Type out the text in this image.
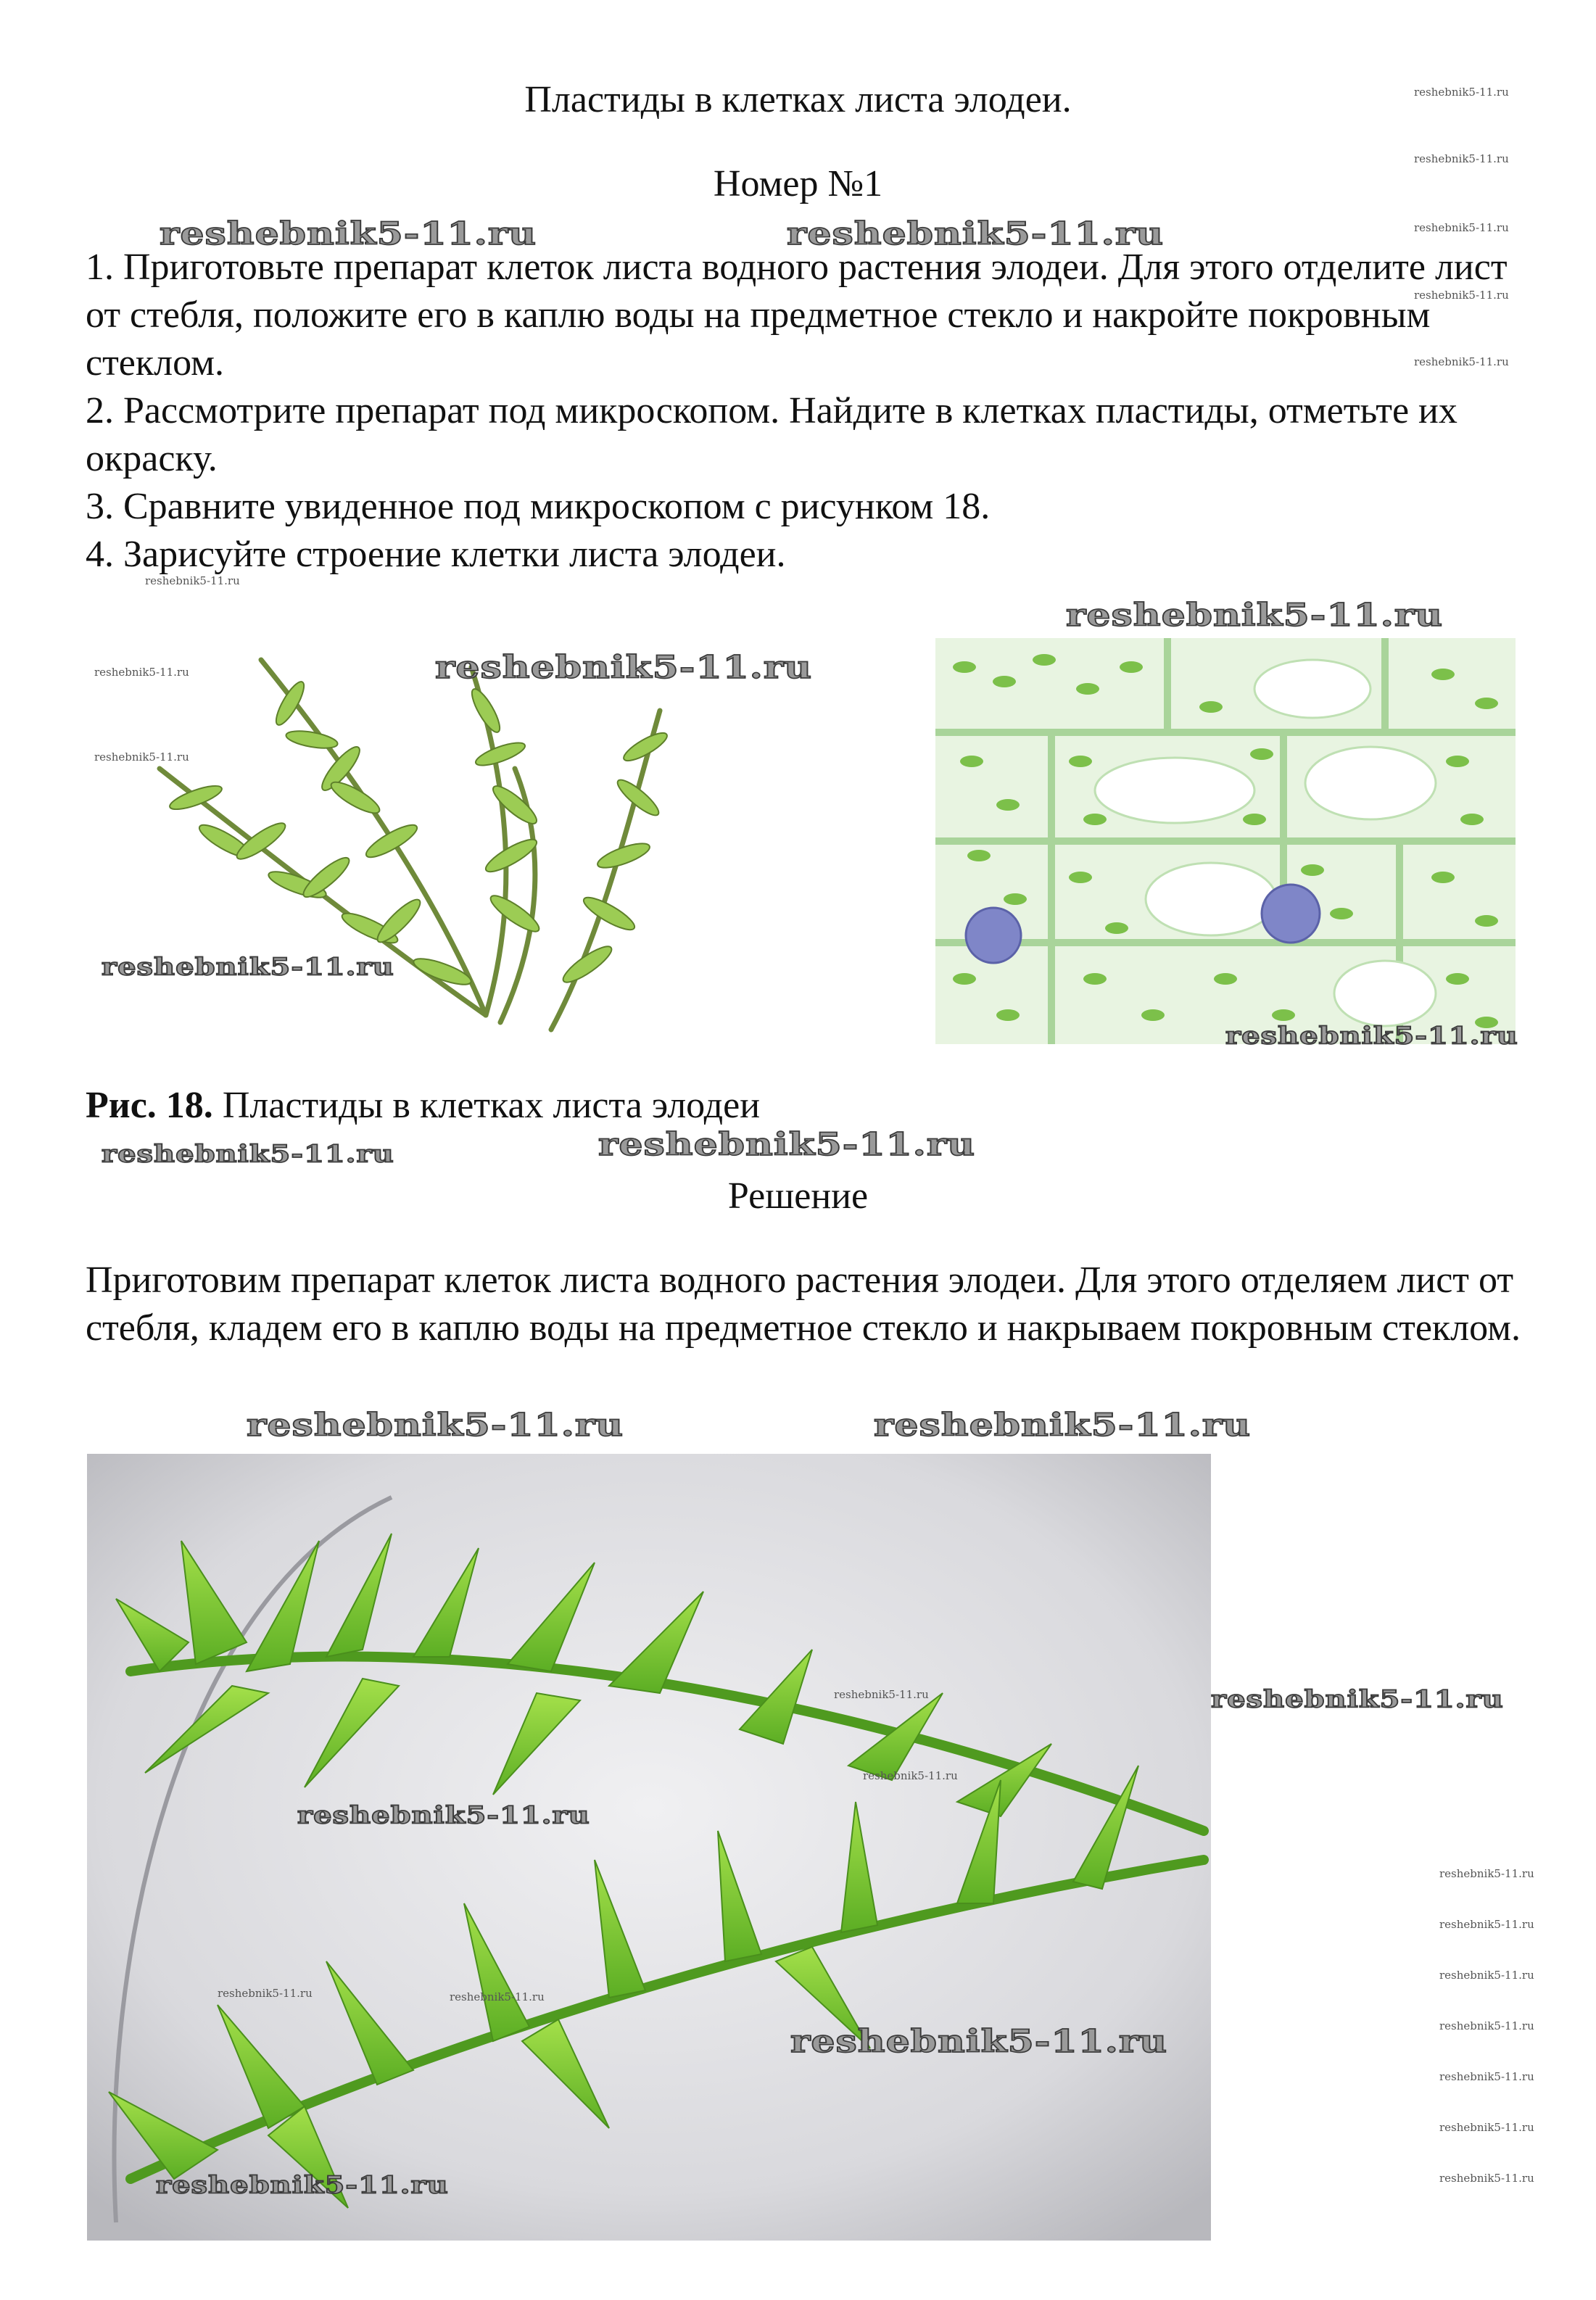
Пластиды в клетках листа элодеи.
Номер №1

1. Приготовьте препарат клеток листа водного растения элодеи. Для этого отделите лист от стебля, положите его в каплю воды на предметное стекло и накройте покровным стеклом.

2. Рассмотрите препарат под микроскопом. Найдите в клетках пластиды, отметьте их окраску.

3. Сравните увиденное под микроскопом с рисунком 18.

4. Зарисуйте строение клетки листа элодеи.

Рис. 18. Пластиды в клетках листа элодеи
Решение

Приготовим препарат клеток листа водного растения элодеи. Для этого отделяем лист от стебля, кладем его в каплю воды на предметное стекло и накрываем покровным стеклом.

reshebnik5-11.ru	reshebnik5-11.ru
reshebnik5-11.ru
reshebnik5-11.ru
reshebnik5-11.ru
reshebnik5-11.ru
reshebnik5-11.ru	reshebnik5-11.ru
reshebnik5-11.ru	reshebnik5-11.ru
reshebnik5-11.ru
reshebnik5-11.ru
reshebnik5-11.ru
reshebnik5-11.ru
reshebnik5-11.ru
reshebnik5-11.ru
reshebnik5-11.ru
reshebnik5-11.ru
reshebnik5-11.ru
reshebnik5-11.ru
reshebnik5-11.ru
reshebnik5-11.ru
reshebnik5-11.ru
reshebnik5-11.ru
reshebnik5-11.ru	reshebnik5-11.ru
reshebnik5-11.ru
reshebnik5-11.ru
reshebnik5-11.ru
reshebnik5-11.ru
reshebnik5-11.ru
reshebnik5-11.ru
reshebnik5-11.ru
